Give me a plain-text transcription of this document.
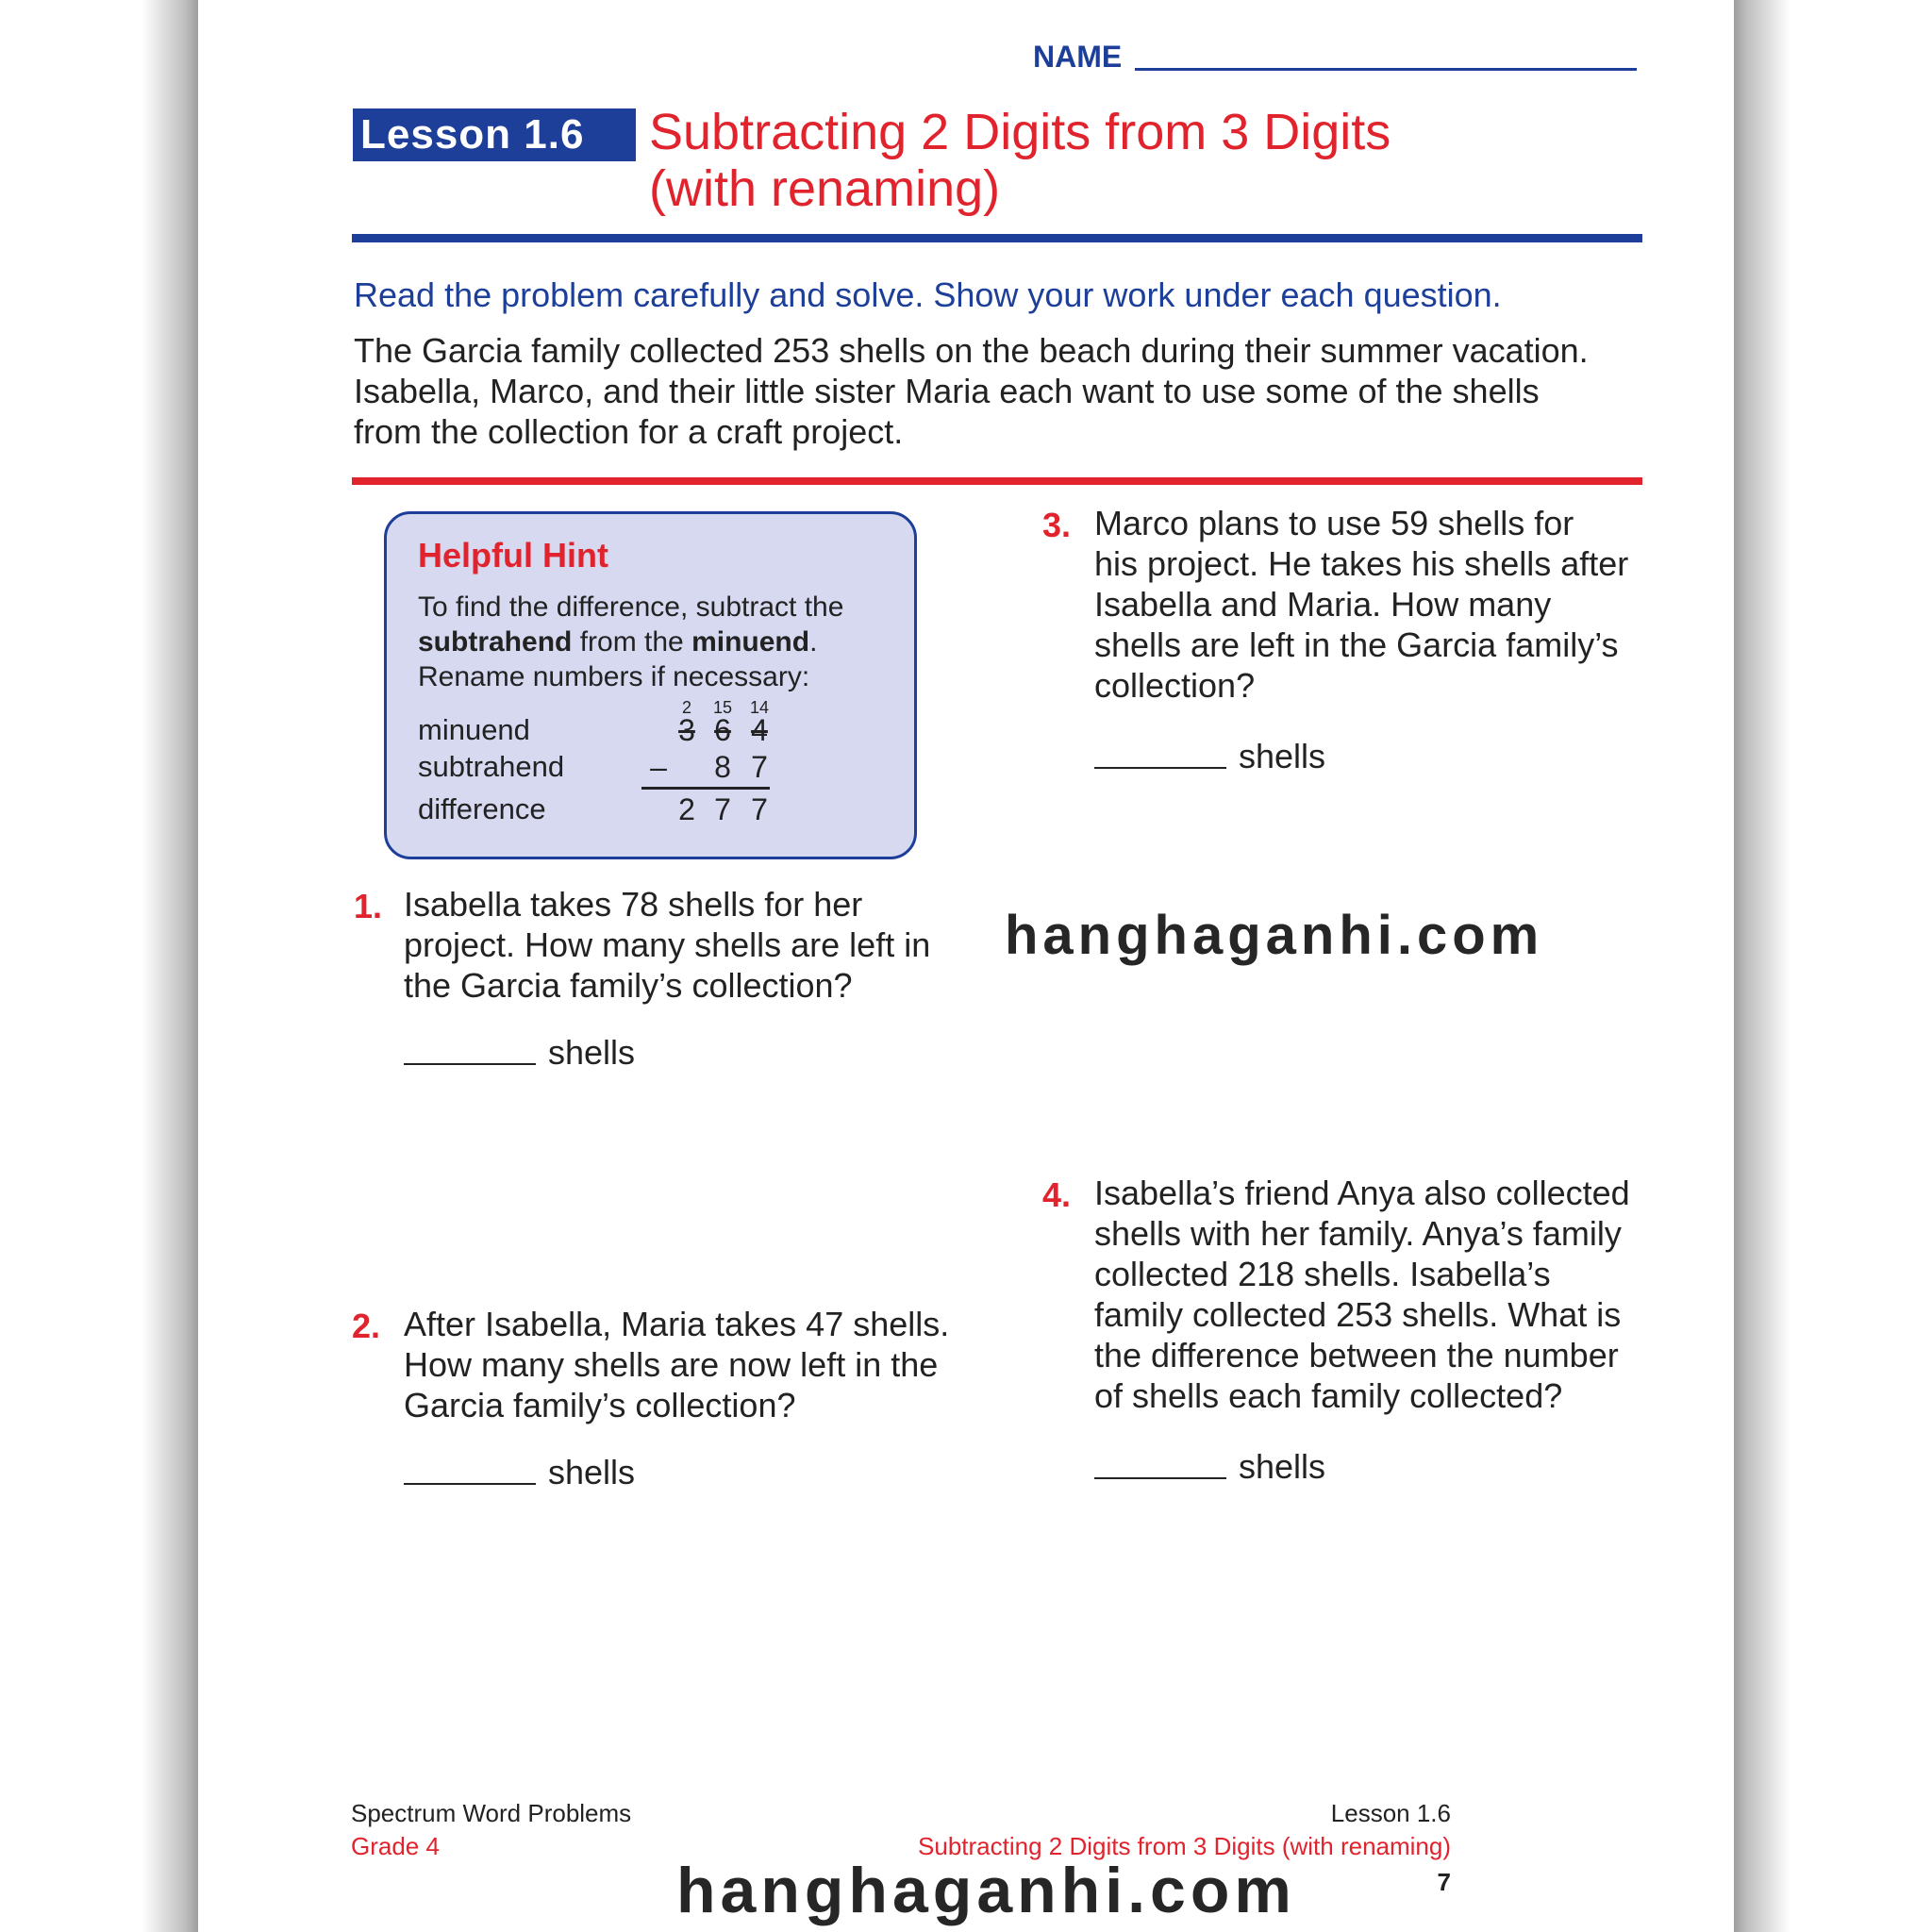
NAME
Lesson 1.6	Subtracting 2 Digits from 3 Digits
(with renaming)
Read the problem carefully and solve. Show your work under each question.
The Garcia family collected 253 shells on the beach during their summer vacation.
Isabella, Marco, and their little sister Maria each want to use some of the shells
from the collection for a craft project.
Helpful Hint
To find the difference, subtract the
subtrahend from the minuend.
Rename numbers if necessary:
minuend
subtrahend
difference
2	15 14
3 6 4
– 8 7
2 7 7
1. Isabella takes 78 shells for her
project. How many shells are left in
the Garcia family’s collection?
shells
2. After Isabella, Maria takes 47 shells.
How many shells are now left in the
Garcia family’s collection?
shells
3. Marco plans to use 59 shells for
his project. He takes his shells after
Isabella and Maria. How many
shells are left in the Garcia family’s
collection?
shells
4. Isabella’s friend Anya also collected
shells with her family. Anya’s family
collected 218 shells. Isabella’s
family collected 253 shells. What is
the difference between the number
of shells each family collected?
shells
hanghaganhi.com
hanghaganhi.com
Spectrum Word Problems
Grade 4
Lesson 1.6
Subtracting 2 Digits from 3 Digits (with renaming)
7
